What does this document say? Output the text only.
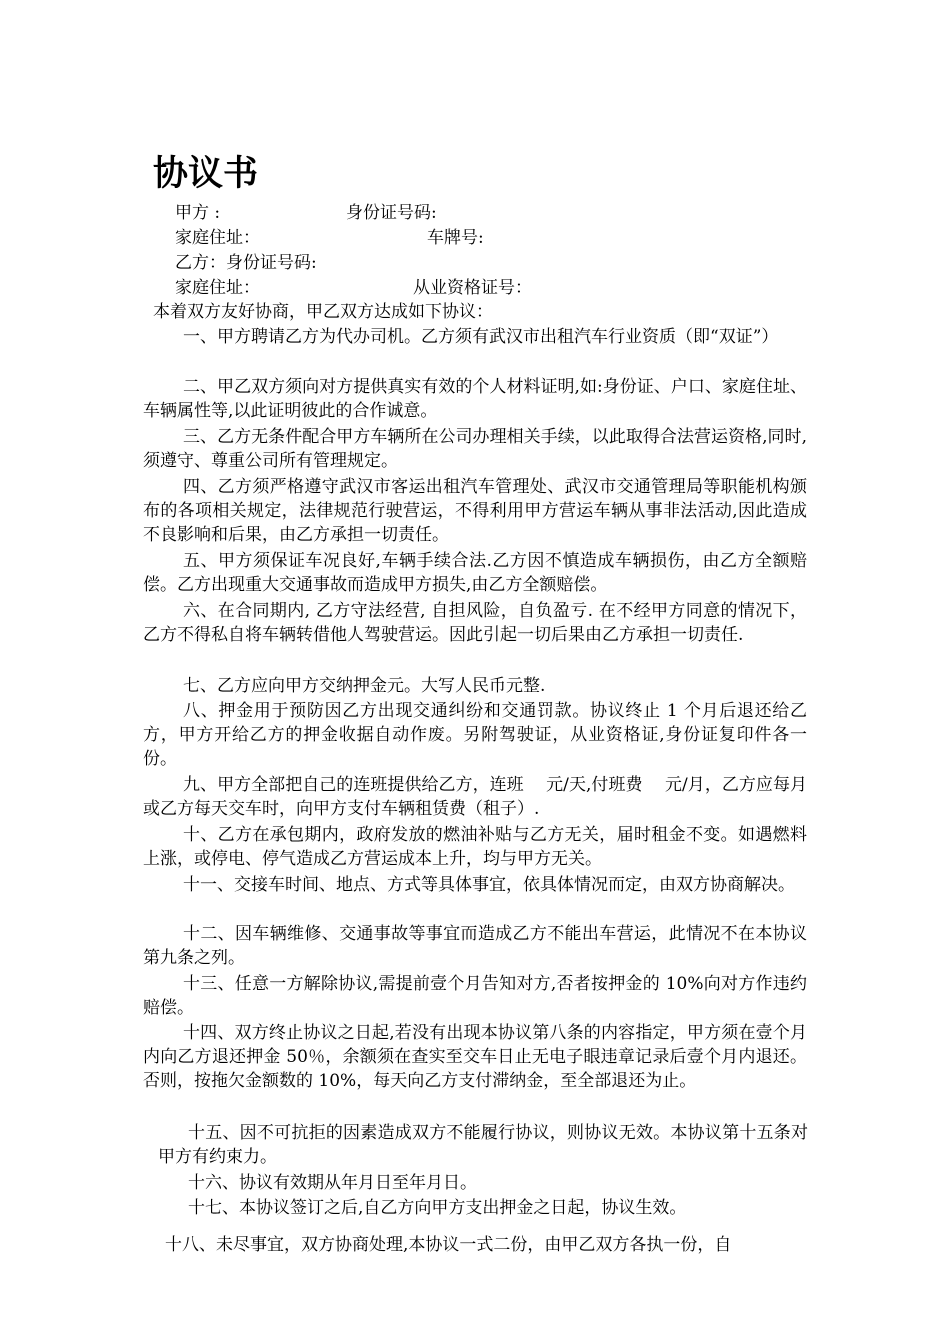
协议书
甲方 :	身份证号码:
家庭住址：	车牌号:
乙方：身份证号码:
家庭住址：	从业资格证号：
本着双方友好协商，甲乙双方达成如下协议：

一、甲方聘请乙方为代办司机。乙方须有武汉市出租汽车行业资质（即“双证”）

二、甲乙双方须向对方提供真实有效的个人材料证明,如:身份证、户口、家庭住址、车辆属性等,以此证明彼此的合作诚意。

三、乙方无条件配合甲方车辆所在公司办理相关手续，以此取得合法营运资格,同时,须遵守、尊重公司所有管理规定。

四、乙方须严格遵守武汉市客运出租汽车管理处、武汉市交通管理局等职能机构颁布的各项相关规定，法律规范行驶营运，不得利用甲方营运车辆从事非法活动,因此造成不良影响和后果，由乙方承担一切责任。

五、甲方须保证车况良好,车辆手续合法.乙方因不慎造成车辆损伤，由乙方全额赔偿。乙方出现重大交通事故而造成甲方损失,由乙方全额赔偿。

六、在合同期内, 乙方守法经营, 自担风险，自负盈亏. 在不经甲方同意的情况下，乙方不得私自将车辆转借他人驾驶营运。因此引起一切后果由乙方承担一切责任.

七、乙方应向甲方交纳押金元。大写人民币元整.

八、押金用于预防因乙方出现交通纠纷和交通罚款。协议终止 1 个月后退还给乙方，甲方开给乙方的押金收据自动作废。另附驾驶证，从业资格证,身份证复印件各一份。

九、甲方全部把自己的连班提供给乙方，连班　 元/天,付班费　 元/月，乙方应每月或乙方每天交车时，向甲方支付车辆租赁费（租子）.

十、乙方在承包期内，政府发放的燃油补贴与乙方无关，届时租金不变。如遇燃料上涨，或停电、停气造成乙方营运成本上升，均与甲方无关。

十一、交接车时间、地点、方式等具体事宜，依具体情况而定，由双方协商解决。

十二、因车辆维修、交通事故等事宜而造成乙方不能出车营运，此情况不在本协议第九条之列。

十三、任意一方解除协议,需提前壹个月告知对方,否者按押金的 10%向对方作违约赔偿。

十四、双方终止协议之日起,若没有出现本协议第八条的内容指定，甲方须在壹个月内向乙方退还押金 50％，余额须在查实至交车日止无电子眼违章记录后壹个月内退还。否则，按拖欠金额数的 10%，每天向乙方支付滞纳金，至全部退还为止。

十五、因不可抗拒的因素造成双方不能履行协议，则协议无效。本协议第十五条对甲方有约束力。

十六、协议有效期从年月日至年月日。

十七、本协议签订之后,自乙方向甲方支出押金之日起，协议生效。

十八、未尽事宜，双方协商处理,本协议一式二份，由甲乙双方各执一份，自
